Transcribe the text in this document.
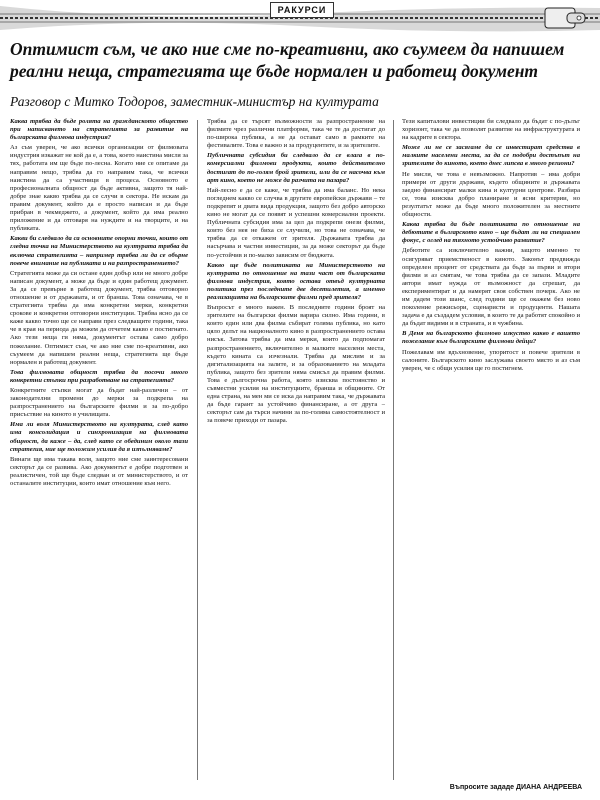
РАКУРСИ
Оптимист съм, че ако ние сме по-креативни, ако съумеем да напишем реални неща, стратегията ще бъде нормален и работещ документ
Разговор с Митко Тодоров, заместник-министър на културата

Каква трябва да бъде ролята на гражданското общество при написването на стратегията за развитие на българската филмова индустрия?

Аз съм уверен, че ако всички организации от филмовата индустрия изкажат не кой да е, а това, което наистина мисля за тях, работата им ще бъде по-лесна. Когато ние се опитаме да направим нещо, трябва да го направим така, че всички наистина да са участници в процеса. Основното е професионалната общност да бъде активна, защото тя най-добре знае какво трябва да се случи в сектора. Не искам да правим документ, който да е просто написан и да бъде прибран в чекмеджето, а документ, който да има реално приложение и да отговаря на нуждите и на творците, и на публиката.

Какви би следвало да са основните опорни точки, които от гледна точка на Министерството на културата трябва да включва стратегията – например трябва ли да се обърне повече внимание на публиката и на разпространението?

Стратегията може да си остане един добър или не много добре написан документ, а може да бъде и един работещ документ. За да се превърне в работещ документ, трябва отговорно отношение и от държавата, и от бранша. Това означава, че в стратегията трябва да има конкретни мерки, конкретни срокове и конкретни отговорни институции. Трябва ясно да се каже какво точно ще се направи през следващите години, така че в края на периода да можем да отчетем какво е постигнато. Ако тези неща ги няма, документът остава само добро пожелание. Оптимист съм, че ако ние сме по-креативни, ако съумеем да напишем реални неща, стратегията ще бъде нормален и работещ документ.

Това филмовата общност трябва да посочи много конкретни стъпки при разработване на стратегията?

Конкретните стъпки могат да бъдат най-различни – от законодателни промени до мерки за подкрепа на разпространението на българските филми и за по-добро присъствие на киното в училищата.

Има ли воля Министерството на културата, след като има консолидация и синхронизация на филмовата общност, да каже – да, след като се обединим около тази стратегия, ние ще положим усилия да я изпълняваме?

Винаги ще има такава воля, защото ние сме заинтересовани секторът да се развива. Ако документът е добре подготвен и реалистичен, той ще бъде следван и от министерството, и от останалите институции, които имат отношение към него.

Трябва да се търсят възможности за разпространение на филмите чрез различни платформи, така че те да достигат до по-широка публика, а не да остават само в рамките на фестивалите. Това е важно и за продуцентите, и за зрителите.

Публичната субсидия би следвало да се влага в по-комерсиални филмови продукти, които действително достигат до по-голям брой зрители, или да се насочва към арт кино, което не може да разчита на пазара?

Най-лесно е да се каже, че трябва да има баланс. Но нека погледнем какво се случва в другите европейски държави – те подкрепят и двата вида продукция, защото без добро авторско кино не могат да се появят и успешни комерсиални проекти. Публичната субсидия има за цел да подкрепи онези филми, които без нея не биха се случили, но това не означава, че трябва да се откажем от зрителя. Държавата трябва да насърчава и частни инвестиции, за да може секторът да бъде по-устойчив и по-малко зависим от бюджета.

Какво ще бъде политиката на Министерството на културата по отношение на тази част от българската филмова индустрия, която остава отвъд културната политика през последните две десетилетия, а именно реализацията на българските филми пред зрителя?

Въпросът е много важен. В последните години броят на зрителите на български филми варира силно. Има години, в които един или два филма събират голяма публика, но като цяло делът на националното кино в разпространението остава нисък. Затова трябва да има мерки, които да подпомагат разпространението, включително в малките населени места, където кината са изчезнали. Трябва да мислим и за дигитализацията на залите, и за образованието на младата публика, защото без зрители няма смисъл да правим филми. Това е дългосрочна работа, която изисква постоянство и съвместни усилия на институциите, бранша и общините. От една страна, на мен ми се иска да направим така, че държавата да бъде гарант за устойчиво финансиране, а от друга – секторът сам да търси начини за по-голяма самостоятелност и за повече приходи от пазара.

Тези капиталови инвестиции би следвало да бъдат с по-дълъг хоризонт, така че да позволят развитие на инфраструктурата и на кадрите в сектора.

Може ли не се засягаме да се инвестират средства в малките населени места, за да се подобри достъпът на зрителите до киното, което днес липсва в много региони?

Не мисля, че това е невъзможно. Напротив – има добри примери от други държави, където общините и държавата заедно финансират малки кина и културни центрове. Разбира се, това изисква добро планиране и ясни критерии, но резултатът може да бъде много положителен за местните общности.

Каква трябва да бъде политиката по отношение на дебютите в българското кино – ще бъдат ли на специален фокус, с оглед на тяхното устойчиво развитие?

Дебютите са изключително важни, защото именно те осигуряват приемственост в киното. Законът предвижда определен процент от средствата да бъде за първи и втори филми и аз смятам, че това трябва да се запази. Младите автори имат нужда от възможност да сгрешат, да експериментират и да намерят своя собствен почерк. Ако не им дадем този шанс, след години ще се окажем без ново поколение режисьори, сценаристи и продуценти. Нашата задача е да създадем условия, в които те да работят спокойно и да бъдат видими и в страната, и в чужбина.

В Деня на българското филмово изкуство какво е вашето пожелание към българските филмови дейци?

Пожелавам им вдъхновение, упоритост и повече зрители в салоните. Българското кино заслужава своето място и аз съм уверен, че с общи усилия ще го постигнем.

Въпросите зададе ДИАНА АНДРЕЕВА
